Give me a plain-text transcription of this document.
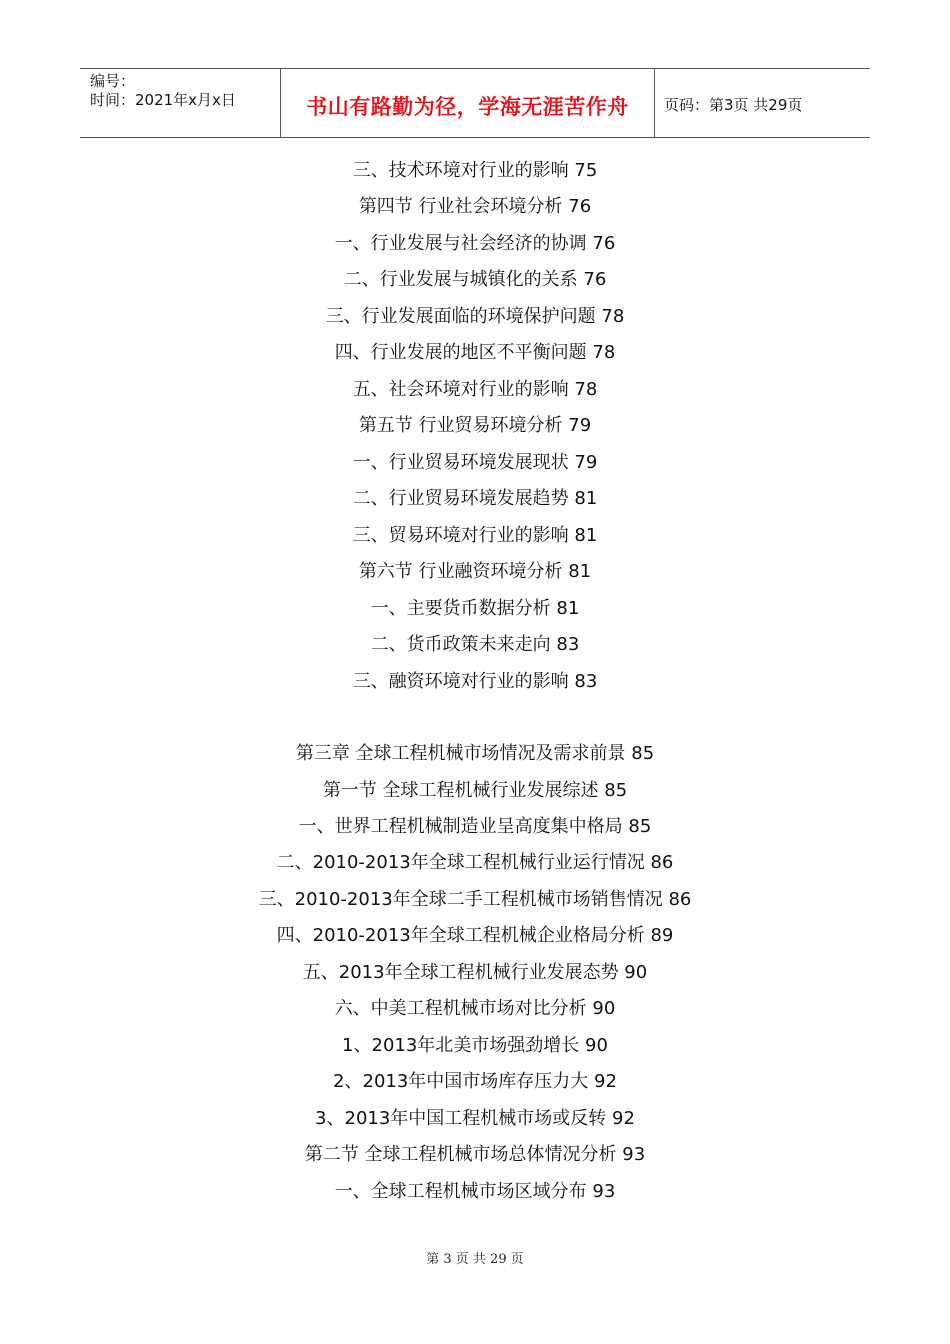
编号：
时间：2021年x月x日	书山有路勤为径，学海无涯苦作舟	页码：第3页 共29页
三、技术环境对行业的影响 75
第四节 行业社会环境分析 76
一、行业发展与社会经济的协调 76
二、行业发展与城镇化的关系 76
三、行业发展面临的环境保护问题 78
四、行业发展的地区不平衡问题 78
五、社会环境对行业的影响 78
第五节 行业贸易环境分析 79
一、行业贸易环境发展现状 79
二、行业贸易环境发展趋势 81
三、贸易环境对行业的影响 81
第六节 行业融资环境分析 81
一、主要货币数据分析 81
二、货币政策未来走向 83
三、融资环境对行业的影响 83
第三章 全球工程机械市场情况及需求前景 85
第一节 全球工程机械行业发展综述 85
一、世界工程机械制造业呈高度集中格局 85
二、2010-2013年全球工程机械行业运行情况 86
三、2010-2013年全球二手工程机械市场销售情况 86
四、2010-2013年全球工程机械企业格局分析 89
五、2013年全球工程机械行业发展态势 90
六、中美工程机械市场对比分析 90
1、2013年北美市场强劲增长 90
2、2013年中国市场库存压力大 92
3、2013年中国工程机械市场或反转 92
第二节 全球工程机械市场总体情况分析 93
一、全球工程机械市场区域分布 93
第 3 页 共 29 页
